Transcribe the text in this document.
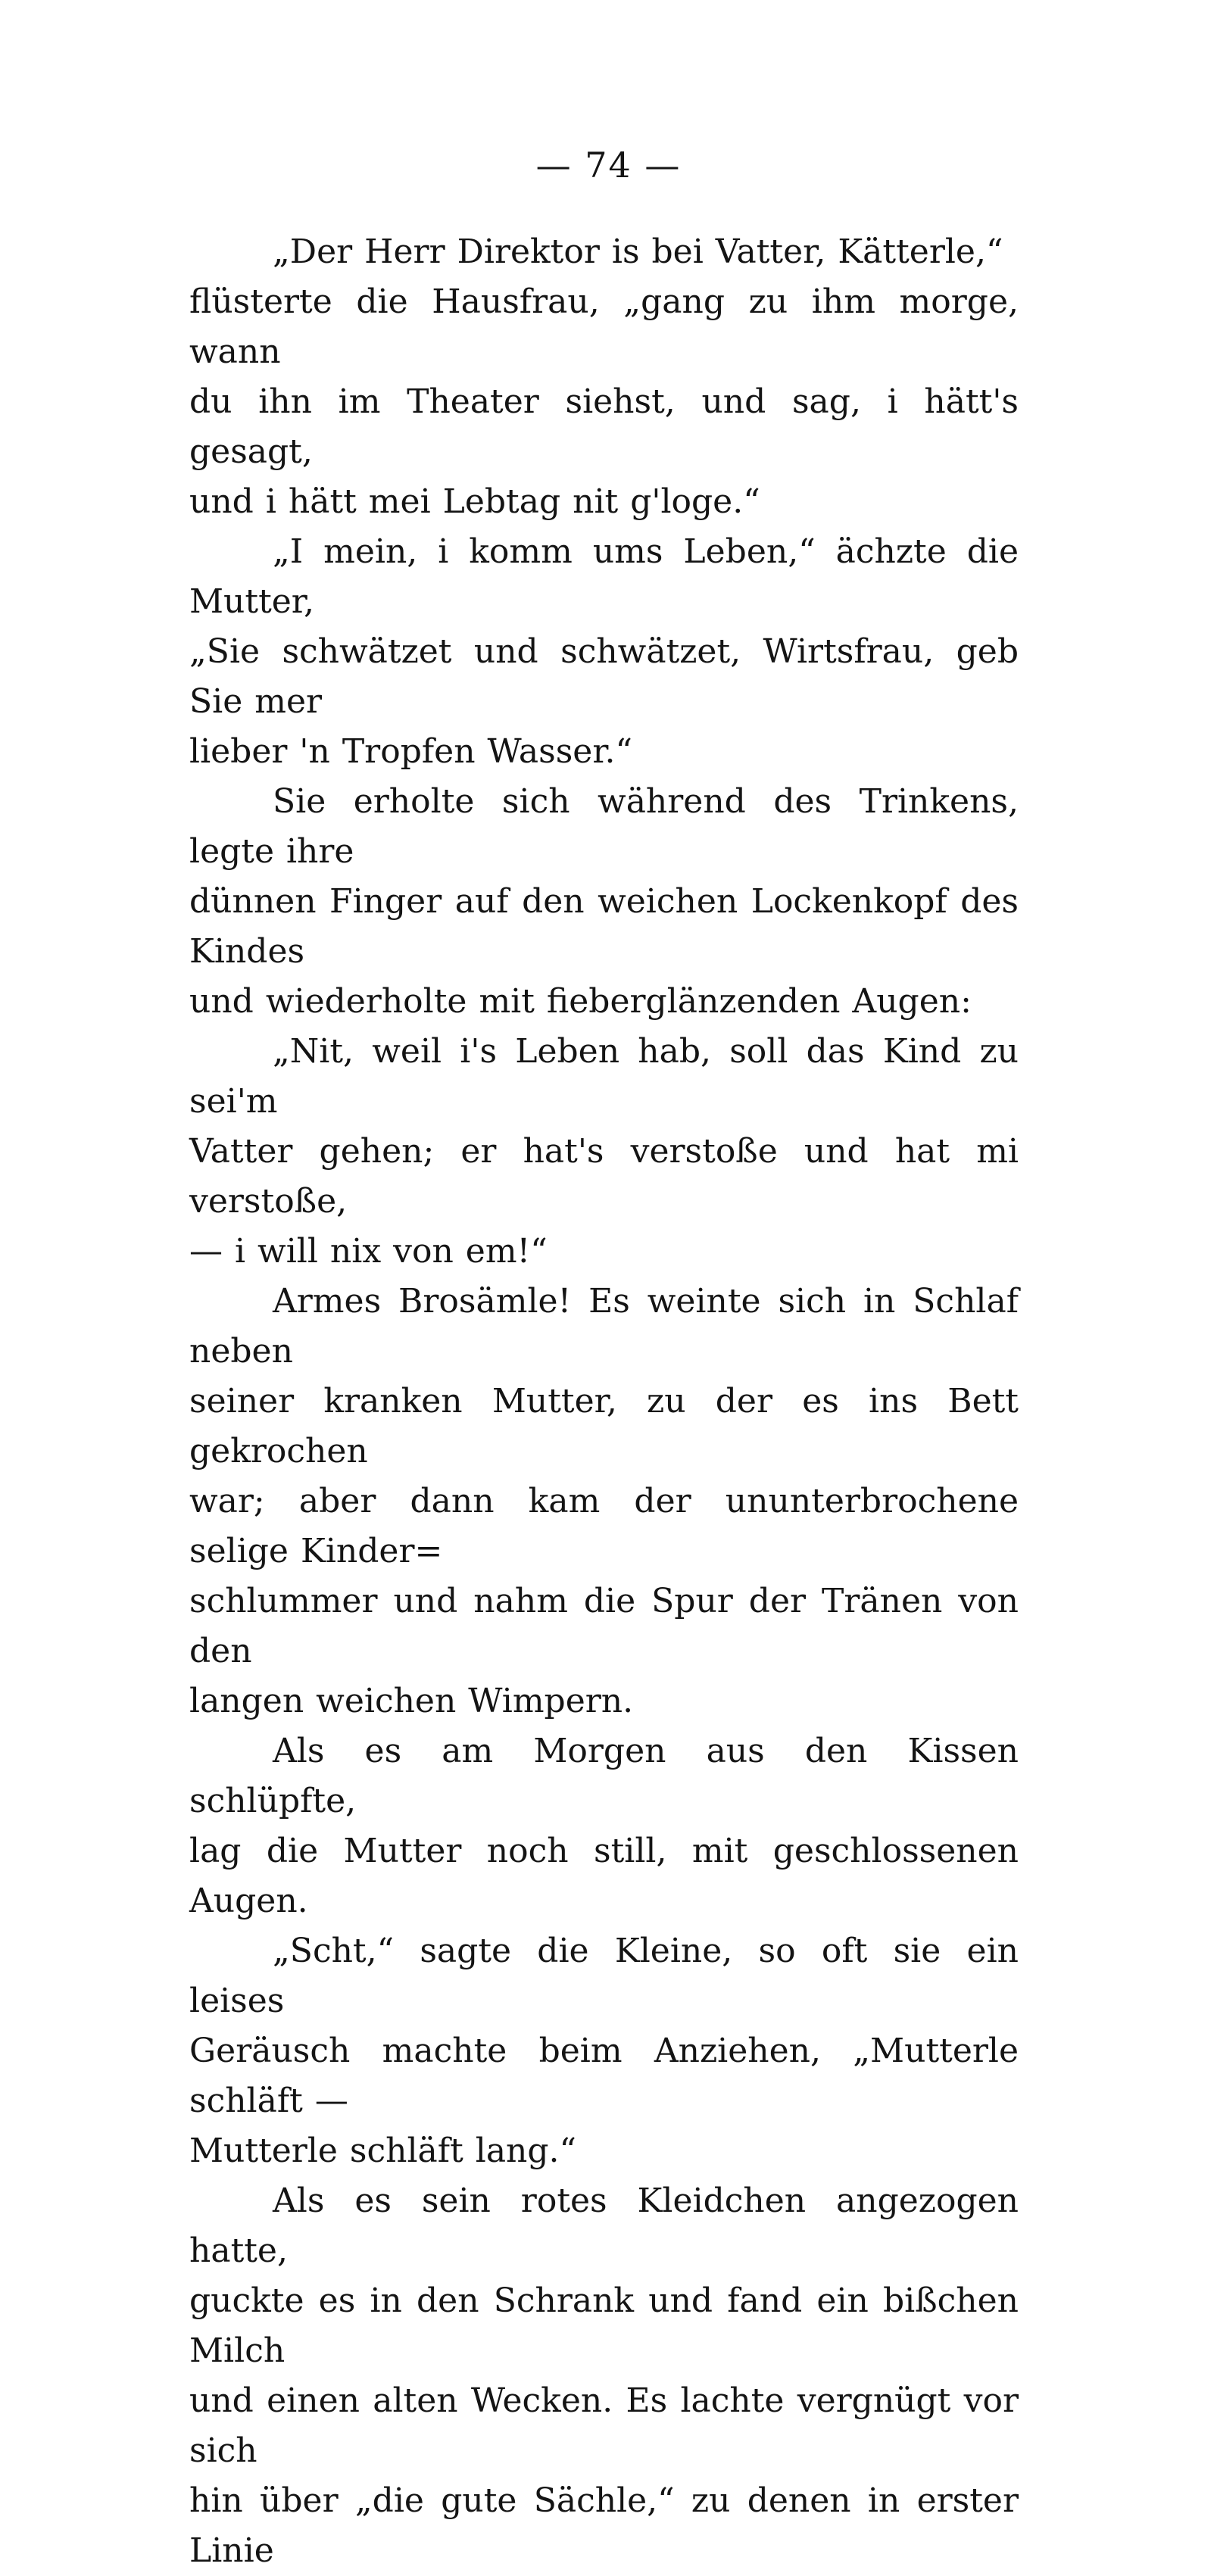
— 74 —

„Der Herr Direktor is bei Vatter, Kätterle,“
flüsterte die Hausfrau, „gang zu ihm morge, wann
du ihn im Theater siehst, und sag, i hätt's gesagt,
und i hätt mei Lebtag nit g'loge.“

„I mein, i komm ums Leben,“ ächzte die Mutter,
„Sie schwätzet und schwätzet, Wirtsfrau, geb Sie mer
lieber 'n Tropfen Wasser.“

Sie erholte sich während des Trinkens, legte ihre
dünnen Finger auf den weichen Lockenkopf des Kindes
und wiederholte mit fieberglänzenden Augen:

„Nit, weil i's Leben hab, soll das Kind zu sei'm
Vatter gehen; er hat's verstoße und hat mi verstoße,
— i will nix von em!“

Armes Brosämle! Es weinte sich in Schlaf neben
seiner kranken Mutter, zu der es ins Bett gekrochen
war; aber dann kam der ununterbrochene selige Kinder=
schlummer und nahm die Spur der Tränen von den
langen weichen Wimpern.

Als es am Morgen aus den Kissen schlüpfte,
lag die Mutter noch still, mit geschlossenen Augen.

„Scht,“ sagte die Kleine, so oft sie ein leises
Geräusch machte beim Anziehen, „Mutterle schläft —
Mutterle schläft lang.“

Als es sein rotes Kleidchen angezogen hatte,
guckte es in den Schrank und fand ein bißchen Milch
und einen alten Wecken. Es lachte vergnügt vor sich
hin über „die gute Sächle,“ zu denen in erster Linie
